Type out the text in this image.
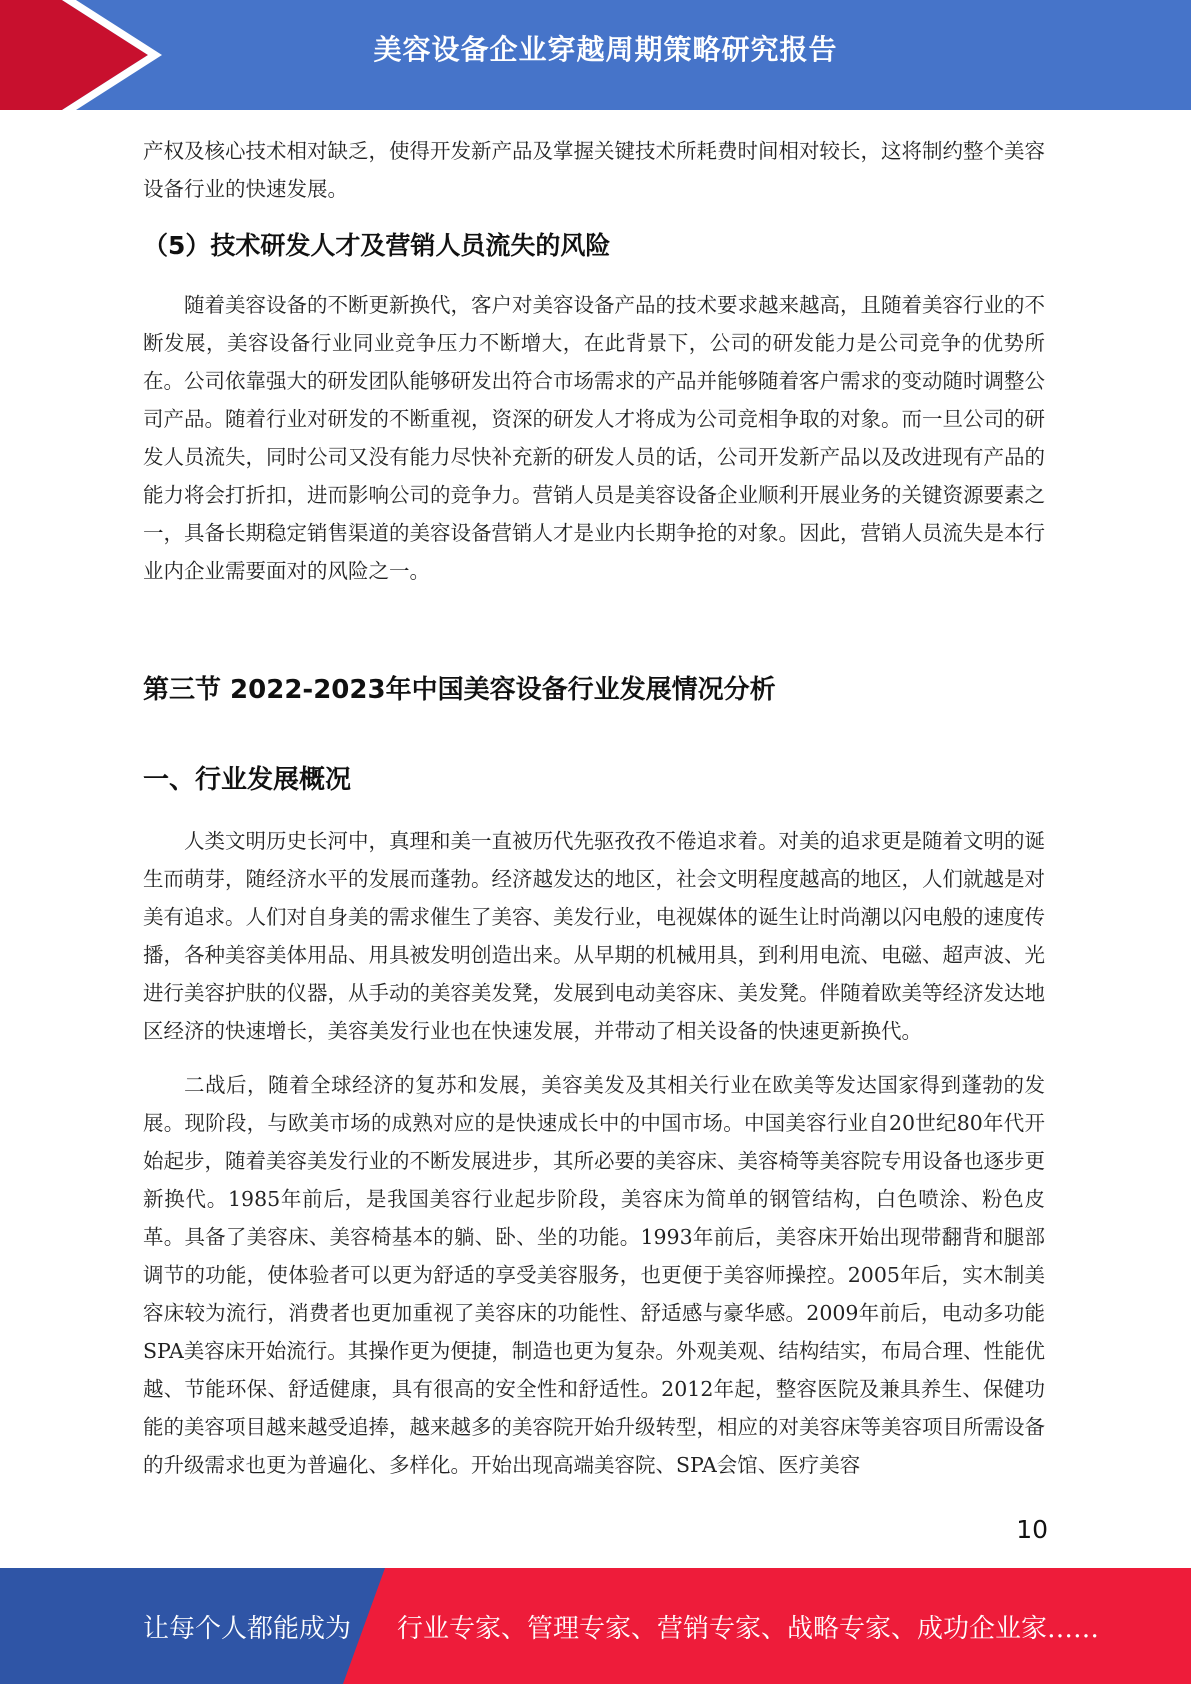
美容设备企业穿越周期策略研究报告

产权及核心技术相对缺乏，使得开发新产品及掌握关键技术所耗费时间相对较长，这将制约整个美容设备行业的快速发展。

（5）技术研发人才及营销人员流失的风险

随着美容设备的不断更新换代，客户对美容设备产品的技术要求越来越高，且随着美容行业的不断发展，美容设备行业同业竞争压力不断增大，在此背景下，公司的研发能力是公司竞争的优势所在。公司依靠强大的研发团队能够研发出符合市场需求的产品并能够随着客户需求的变动随时调整公司产品。随着行业对研发的不断重视，资深的研发人才将成为公司竞相争取的对象。而一旦公司的研发人员流失，同时公司又没有能力尽快补充新的研发人员的话，公司开发新产品以及改进现有产品的能力将会打折扣，进而影响公司的竞争力。营销人员是美容设备企业顺利开展业务的关键资源要素之一，具备长期稳定销售渠道的美容设备营销人才是业内长期争抢的对象。因此，营销人员流失是本行业内企业需要面对的风险之一。

第三节 2022-2023年中国美容设备行业发展情况分析
一、行业发展概况

人类文明历史长河中，真理和美一直被历代先驱孜孜不倦追求着。对美的追求更是随着文明的诞生而萌芽，随经济水平的发展而蓬勃。经济越发达的地区，社会文明程度越高的地区，人们就越是对美有追求。人们对自身美的需求催生了美容、美发行业，电视媒体的诞生让时尚潮以闪电般的速度传播，各种美容美体用品、用具被发明创造出来。从早期的机械用具，到利用电流、电磁、超声波、光进行美容护肤的仪器，从手动的美容美发凳，发展到电动美容床、美发凳。伴随着欧美等经济发达地区经济的快速增长，美容美发行业也在快速发展，并带动了相关设备的快速更新换代。

二战后，随着全球经济的复苏和发展，美容美发及其相关行业在欧美等发达国家得到蓬勃的发展。现阶段，与欧美市场的成熟对应的是快速成长中的中国市场。中国美容行业自20世纪80年代开始起步，随着美容美发行业的不断发展进步，其所必要的美容床、美容椅等美容院专用设备也逐步更新换代。1985年前后，是我国美容行业起步阶段，美容床为简单的钢管结构，白色喷涂、粉色皮革。具备了美容床、美容椅基本的躺、卧、坐的功能。1993年前后，美容床开始出现带翻背和腿部调节的功能，使体验者可以更为舒适的享受美容服务，也更便于美容师操控。2005年后，实木制美容床较为流行，消费者也更加重视了美容床的功能性、舒适感与豪华感。2009年前后，电动多功能SPA美容床开始流行。其操作更为便捷，制造也更为复杂。外观美观、结构结实，布局合理、性能优越、节能环保、舒适健康，具有很高的安全性和舒适性。2012年起，整容医院及兼具养生、保健功能的美容项目越来越受追捧，越来越多的美容院开始升级转型，相应的对美容床等美容项目所需设备的升级需求也更为普遍化、多样化。开始出现高端美容院、SPA会馆、医疗美容

10
让每个人都能成为 行业专家、管理专家、营销专家、战略专家、成功企业家……
